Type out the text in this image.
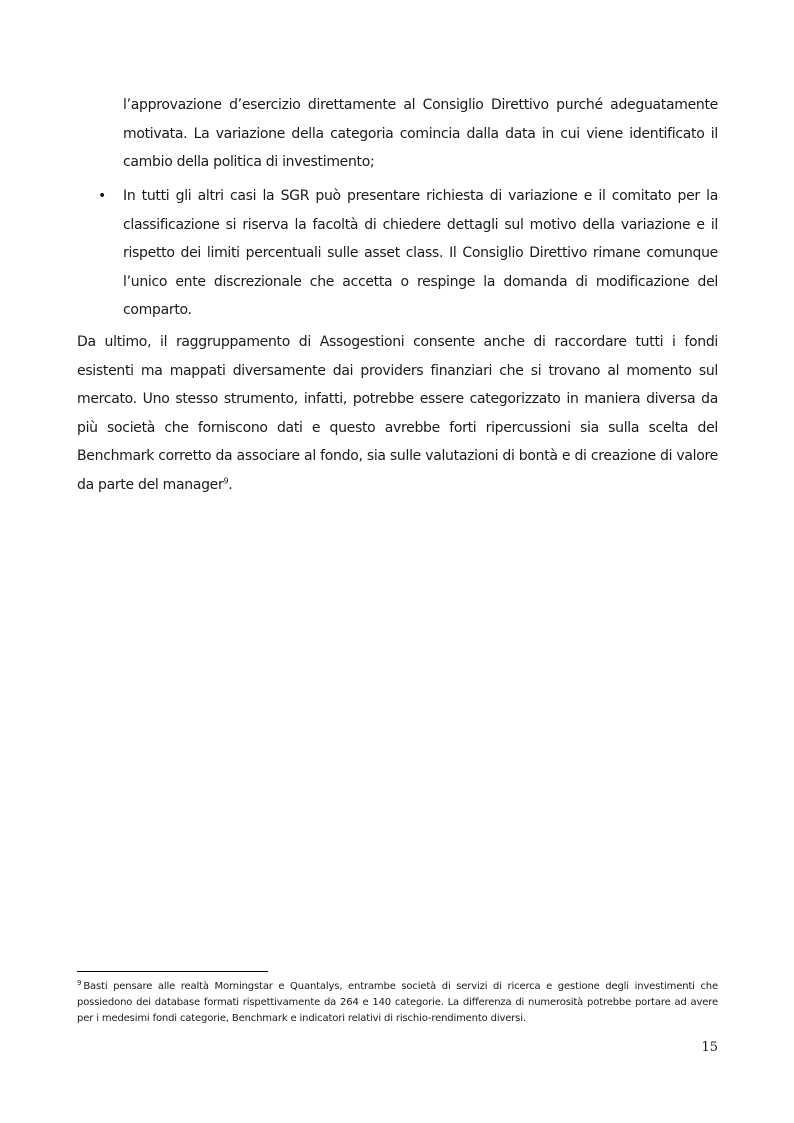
l’approvazione d’esercizio direttamente al Consiglio Direttivo purché adeguatamente motivata. La variazione della categoria comincia dalla data in cui viene identificato il cambio della politica di investimento;
• In tutti gli altri casi la SGR può presentare richiesta di variazione e il comitato per la classificazione si riserva la facoltà di chiedere dettagli sul motivo della variazione e il rispetto dei limiti percentuali sulle asset class. Il Consiglio Direttivo rimane comunque l’unico ente discrezionale che accetta o respinge la domanda di modificazione del comparto.
Da ultimo, il raggruppamento di Assogestioni consente anche di raccordare tutti i fondi esistenti ma mappati diversamente dai providers finanziari che si trovano al momento sul mercato. Uno stesso strumento, infatti, potrebbe essere categorizzato in maniera diversa da più società che forniscono dati e questo avrebbe forti ripercussioni sia sulla scelta del Benchmark corretto da associare al fondo, sia sulle valutazioni di bontà e di creazione di valore da parte del manager$^9$.
$^9$ Basti pensare alle realtà Morningstar e Quantalys, entrambe società di servizi di ricerca e gestione degli investimenti che possiedono dei database formati rispettivamente da 264 e 140 categorie. La differenza di numerosità potrebbe portare ad avere per i medesimi fondi categorie, Benchmark e indicatori relativi di rischio-rendimento diversi.
15
